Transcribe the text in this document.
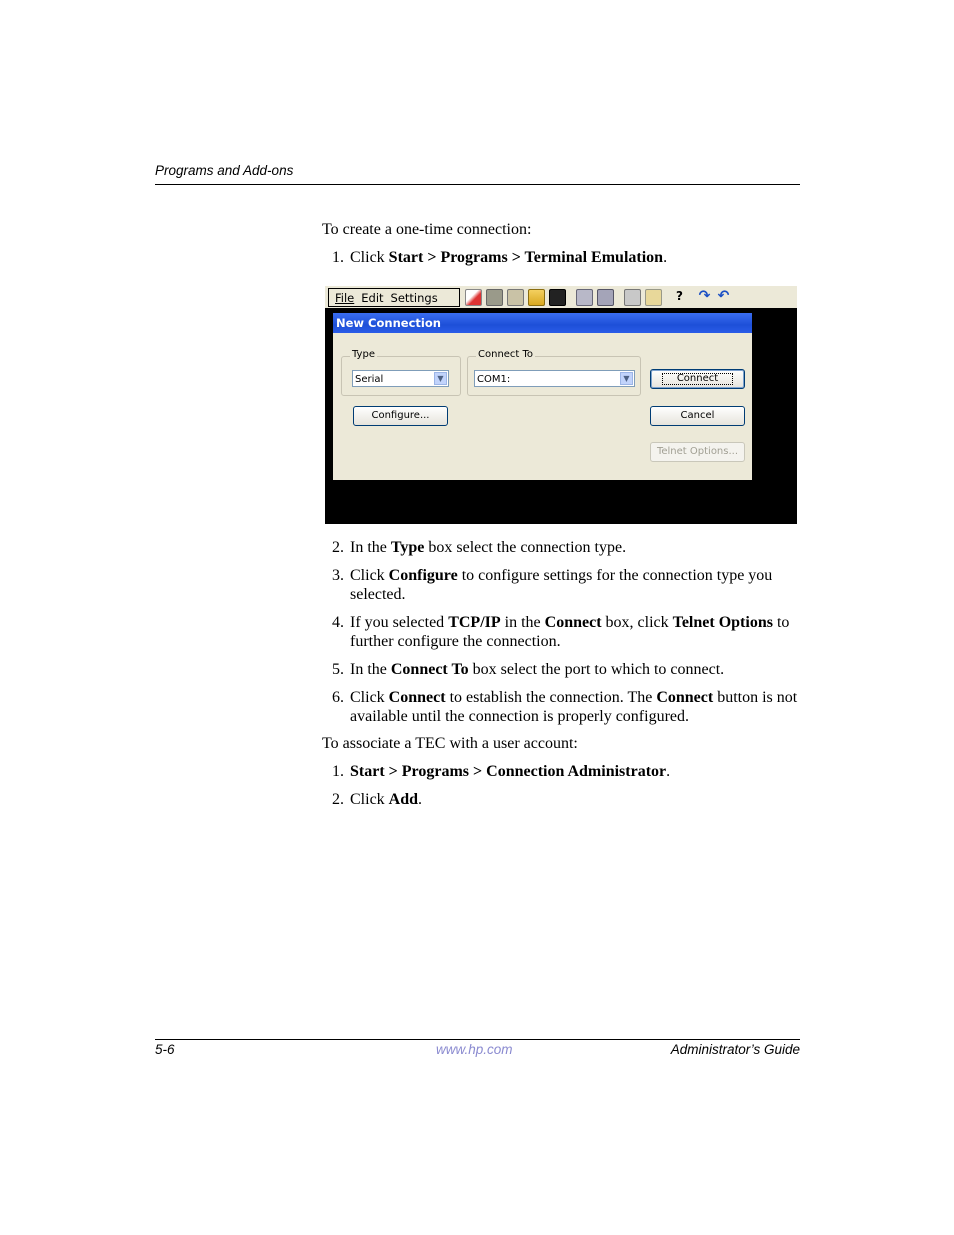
Programs and Add-ons
To create a one-time connection:
1. Click Start > Programs > Terminal Emulation.
File Edit Settings	? ↷ ↶
New Connection
Type
Serial	▼
Connect To
COM1:	▼	Connect
Configure...	Cancel
Telnet Options...
2. In the Type box select the connection type.
3. Click Configure to configure settings for the connection type you selected.
4. If you selected TCP/IP in the Connect box, click Telnet Options to further configure the connection.
5. In the Connect To box select the port to which to connect.
6. Click Connect to establish the connection. The Connect button is not available until the connection is properly configured.
To associate a TEC with a user account:
1. Start > Programs > Connection Administrator.
2. Click Add.
5-6	www.hp.com	Administrator’s Guide
